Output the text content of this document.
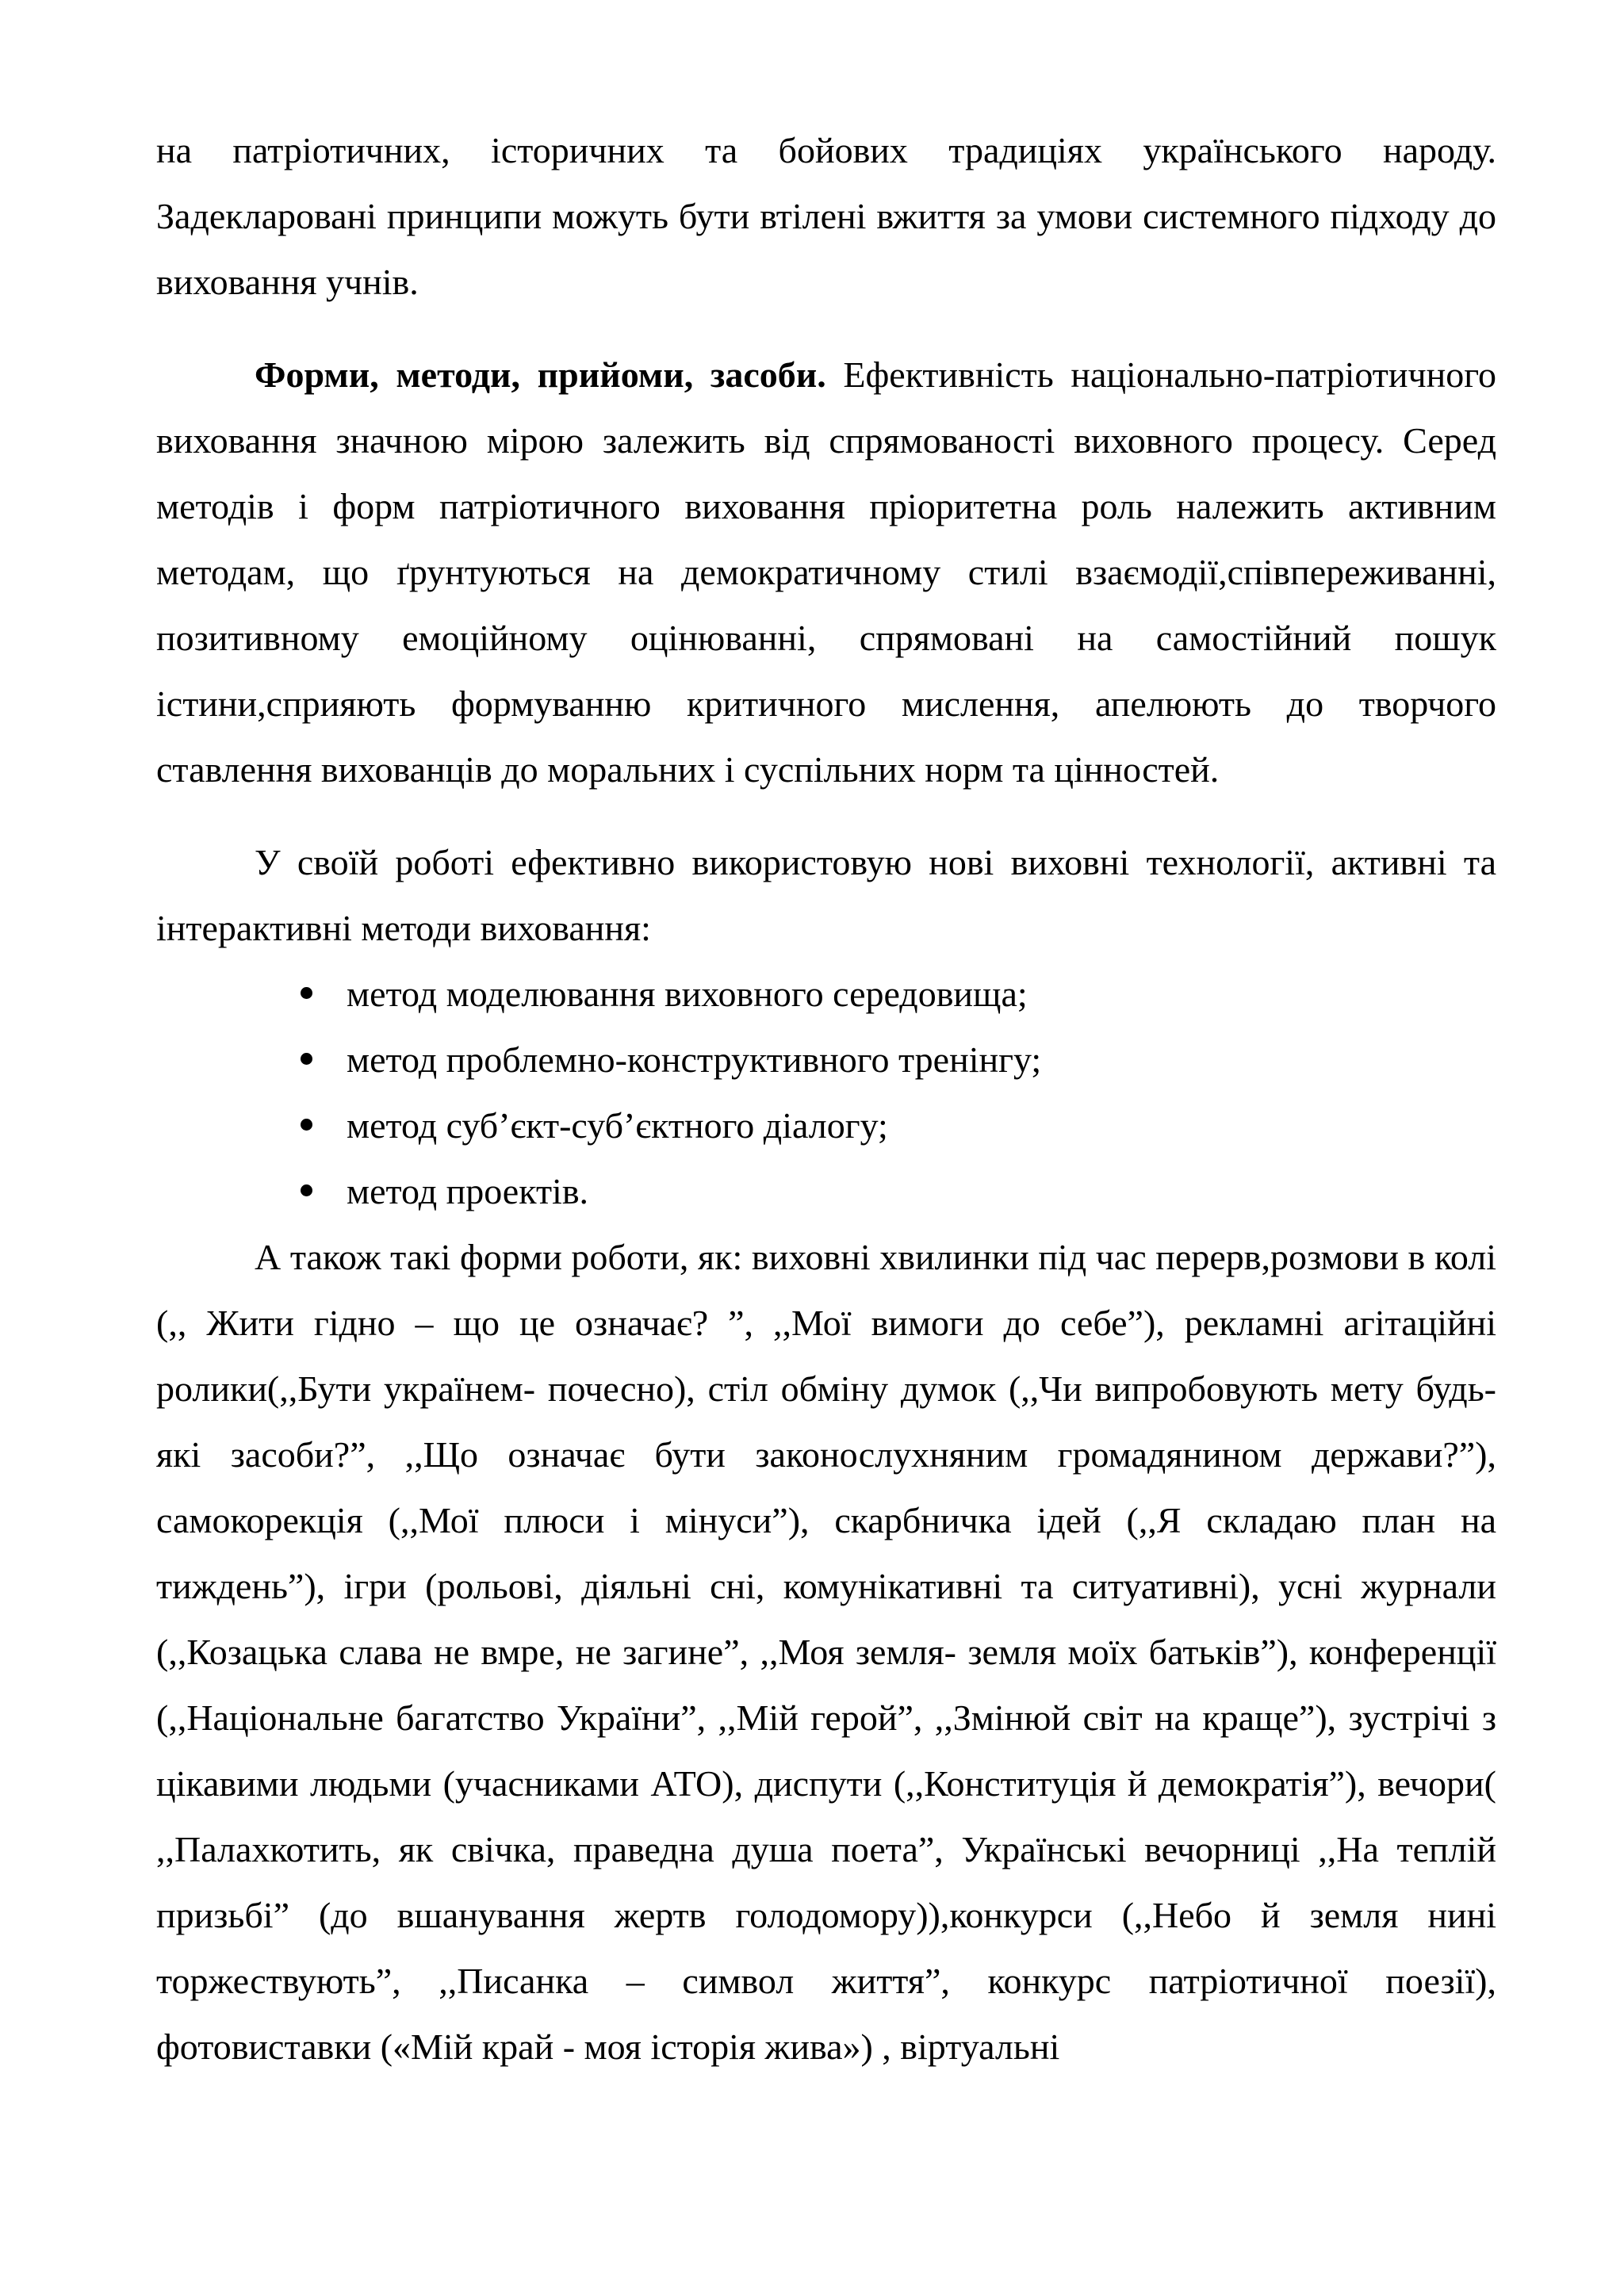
на патріотичних, історичних та бойових традиціях українського народу. Задекларовані принципи можуть бути втілені вжиття за умови системного підходу до виховання учнів.

Форми, методи, прийоми, засоби. Ефективність національно-патріотичного виховання значною мірою залежить від спрямованості виховного процесу. Серед методів і форм патріотичного виховання пріоритетна роль належить активним методам, що ґрунтуються на демократичному стилі взаємодії,співпереживанні, позитивному емоційному оцінюванні, спрямовані на самостійний пошук істини,сприяють формуванню критичного мислення, апелюють до творчого ставлення вихованців до моральних і суспільних норм та цінностей.

У своїй роботі ефективно використовую нові виховні технології, активні та інтерактивні методи виховання:

метод моделювання виховного середовища;
метод проблемно-конструктивного тренінгу;
метод суб’єкт-суб’єктного діалогу;
метод проектів.

А також такі форми роботи, як: виховні хвилинки під час перерв,розмови в колі (,, Жити гідно – що це означає? ”, ,,Мої вимоги до себе”), рекламні агітаційні ролики(,,Бути українем- почесно), стіл обміну думок (,,Чи випробовують мету будь-які засоби?”, ,,Що означає бути законослухняним громадянином держави?”), самокорекція (,,Мої плюси і мінуси”), скарбничка ідей (,,Я складаю план на тиждень”), ігри (рольові, діяльні сні, комунікативні та ситуативні), усні журнали (,,Козацька слава не вмре, не загине”, ,,Моя земля- земля моїх батьків”), конференції (,,Національне багатство України”, ,,Мій герой”, ,,Змінюй світ на краще”), зустрічі з цікавими людьми (учасниками АТО), диспути (,,Конституція й демократія”), вечори( ,,Палахкотить, як свічка, праведна душа поета”, Українські вечорниці ,,На теплій призьбі” (до вшанування жертв голодомору)),конкурси (,,Небо й земля нині торжествують”, ,,Писанка – символ життя”, конкурс патріотичної поезії), фотовиставки («Мій край - моя історія жива») , віртуальні
